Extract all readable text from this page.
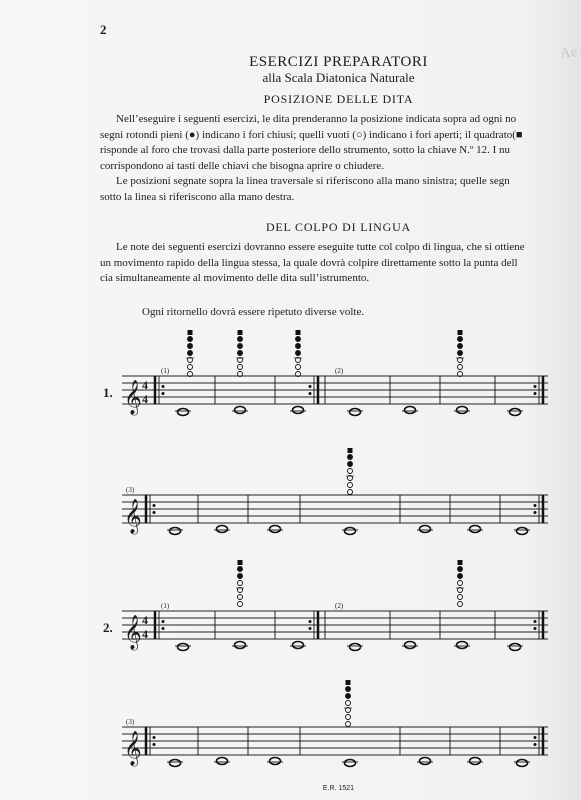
2
Ae
ESERCIZI PREPARATORI
alla Scala Diatonica Naturale
POSIZIONE DELLE DITA
Nell’eseguire i seguenti esercizi, le dita prenderanno la posizione indicata sopra ad ogni no
segni rotondi pieni (●) indicano i fori chiusi; quelli vuoti (○) indicano i fori aperti; il quadrato(■
risponde al foro che trovasi dalla parte posteriore dello strumento, sotto la chiave N.º 12. I nu
corrispondono ai tasti delle chiavi che bisogna aprire o chiudere.
Le posizioni segnate sopra la linea traversale si riferiscono alla mano sinistra; quelle segn
sotto la linea si riferiscono alla mano destra.
DEL COLPO DI LINGUA
Le note dei seguenti esercizi dovranno essere eseguite tutte col colpo di lingua, che si ottiene
un movimento rapido della lingua stessa, la quale dovrà colpire direttamente sotto la punta dell
cia simultaneamente al movimento delle dita sull’istrumento.
Ogni ritornello dovrà essere ripetuto diverse volte.
𝄞
1. 4
4
(1)	(2)
𝄞
(3)
𝄞
2. 4
4
(1)	(2)
𝄞
(3)
E.R. 1521
